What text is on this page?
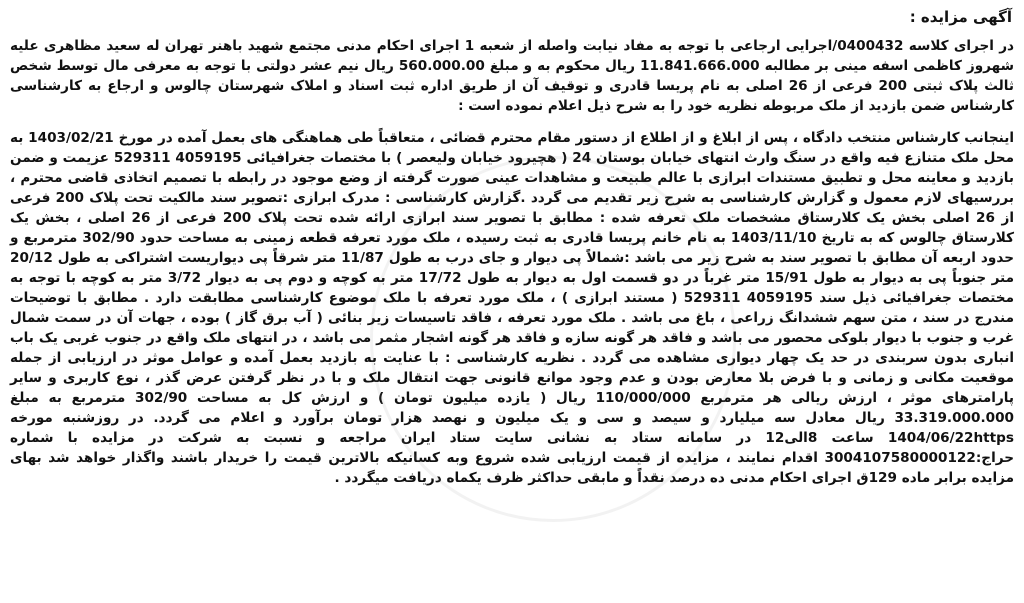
آگهی مزایده :

در اجرای کلاسه 0400432/اجرایی ارجاعی با توجه به مفاد نیابت واصله از شعبه 1 اجرای احکام مدنی مجتمع شهید باهنر تهران له سعید مظاهری علیه شهروز کاظمی اسفه مینی بر مطالبه 11.841.666.000 ریال محکوم به و مبلغ 560.000.00 ریال نیم عشر دولتی با توجه به معرفی مال توسط شخص ثالث پلاک ثبتی 200 فرعی از 26 اصلی به نام پریسا قادری و توقیف آن از طریق اداره ثبت اسناد و املاک شهرستان چالوس و ارجاع به کارشناسی کارشناس ضمن بازدید از ملک مربوطه نظریه خود را به شرح ذیل اعلام نموده است :

اینجانب کارشناس منتخب دادگاه ، پس از ابلاغ و از اطلاع از دستور مقام محترم قضائی ، متعاقباً طی هماهنگی های بعمل آمده در مورخ 1403/02/21 به محل ملک متنازع فیه واقع در سنگ وارث انتهای خیابان بوستان 24 ( هچیرود خیابان ولیعصر ) با مختصات جغرافیائی 4059195 529311 عزیمت و ضمن بازدید و معاینه محل و تطبیق مستندات ابرازی با عالم طبیعت و مشاهدات عینی صورت گرفته از وضع موجود در رابطه با تصمیم اتخاذی قاضی محترم ، بررسیهای لازم معمول و گزارش کارشناسی به شرح زیر تقدیم می گردد .گزارش کارشناسی : مدرک ابرازی :تصویر سند مالکیت تحت پلاک 200 فرعی از 26 اصلی بخش یک کلارستاق مشخصات ملک تعرفه شده : مطابق با تصویر سند ابرازی ارائه شده تحت پلاک 200 فرعی از 26 اصلی ، بخش یک کلارستاق چالوس که به تاریخ 1403/11/10 به نام خانم پریسا قادری به ثبت رسیده ، ملک مورد تعرفه قطعه زمینی به مساحت حدود 302/90 مترمربع و حدود اربعه آن مطابق با تصویر سند به شرح زیر می باشد :شمالاً پی دیوار و جای درب به طول 11/87 متر شرقاً پی دیواریست اشتراکی به طول 20/12 متر جنوباً پی به دیوار به طول 15/91 متر غرباً در دو قسمت اول به دیوار به طول 17/72 متر به کوچه و دوم پی به دیوار 3/72 متر به کوچه با توجه به مختصات جغرافیائی ذیل سند 4059195 529311 ( مستند ابرازی ) ، ملک مورد تعرفه با ملک موضوع کارشناسی مطابقت دارد . مطابق با توضیحات مندرج در سند ، متن سهم ششدانگ زراعی ، باغ می باشد . ملک مورد تعرفه ، فاقد تاسیسات زیر بنائی ( آب برق گاز ) بوده ، جهات آن در سمت شمال غرب و جنوب با دیوار بلوکی محصور می باشد و فاقد هر گونه سازه و فاقد هر گونه اشجار مثمر می باشد ، در انتهای ملک واقع در جنوب غربی یک باب انباری بدون سربندی در حد یک چهار دیواری مشاهده می گردد . نظریه کارشناسی : با عنایت به بازدید بعمل آمده و عوامل موثر در ارزیابی از جمله موقعیت مکانی و زمانی و با فرض بلا معارض بودن و عدم وجود موانع قانونی جهت انتقال ملک و با در نظر گرفتن عرض گذر ، نوع کاربری و سایر پارامترهای موثر ، ارزش ریالی هر مترمربع 110/000/000 ریال ( یازده میلیون تومان ) و ارزش کل به مساحت 302/90 مترمربع به مبلغ 33.319.000.000 ریال معادل سه میلیارد و سیصد و سی و یک میلیون و نهصد هزار تومان برآورد و اعلام می گردد. در روزشنبه مورخه 1404/06/22https ساعت 8الی12 در سامانه ستاد به نشانی سایت ستاد ایران مراجعه و نسبت به شرکت در مزایده با شماره حراج:3004107580000122 اقدام نمایند ، مزایده از قیمت ارزیابی شده شروع وبه کسانیکه بالاترین قیمت را خریدار باشند واگذار خواهد شد بهای مزایده برابر ماده 129ق اجرای احکام مدنی ده درصد نقداً و مابقی حداکثر ظرف یکماه دریافت میگردد .
